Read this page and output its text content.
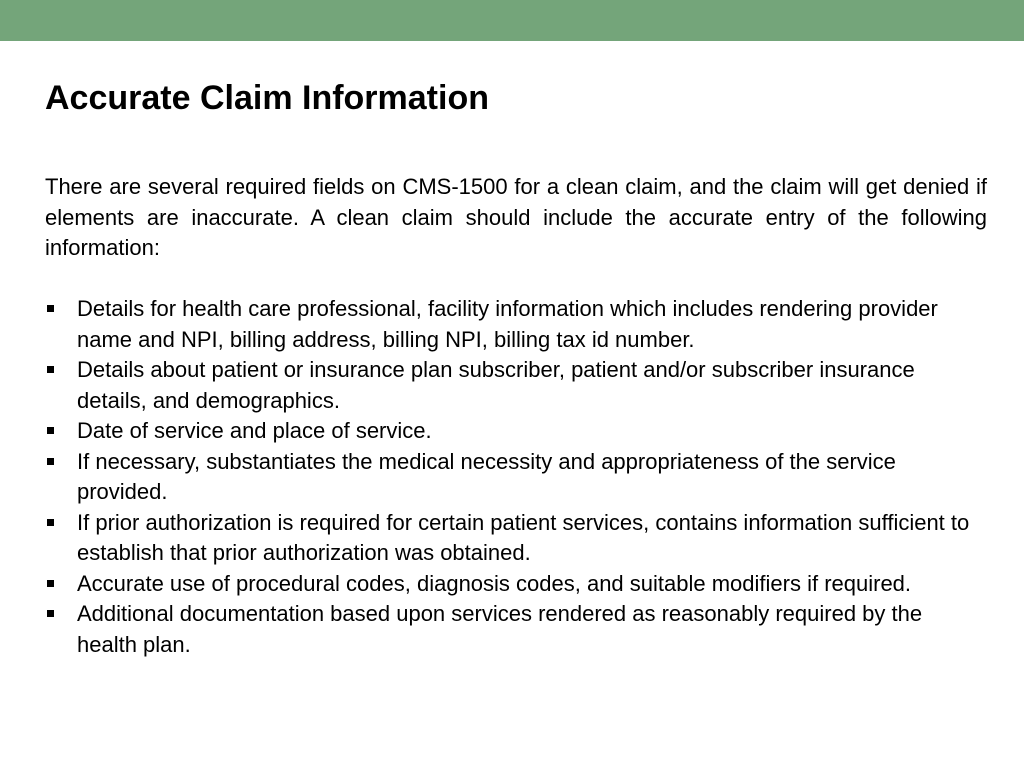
Accurate Claim Information

There are several required fields on CMS-1500 for a clean claim, and the claim will get denied if elements are inaccurate. A clean claim should include the accurate entry of the following information:

Details for health care professional, facility information which includes rendering provider name and NPI, billing address, billing NPI, billing tax id number.
Details about patient or insurance plan subscriber, patient and/or subscriber insurance details, and demographics.
Date of service and place of service.
If necessary, substantiates the medical necessity and appropriateness of the service provided.
If prior authorization is required for certain patient services, contains information sufficient to establish that prior authorization was obtained.
Accurate use of procedural codes, diagnosis codes, and suitable modifiers if required.
Additional documentation based upon services rendered as reasonably required by the health plan.
